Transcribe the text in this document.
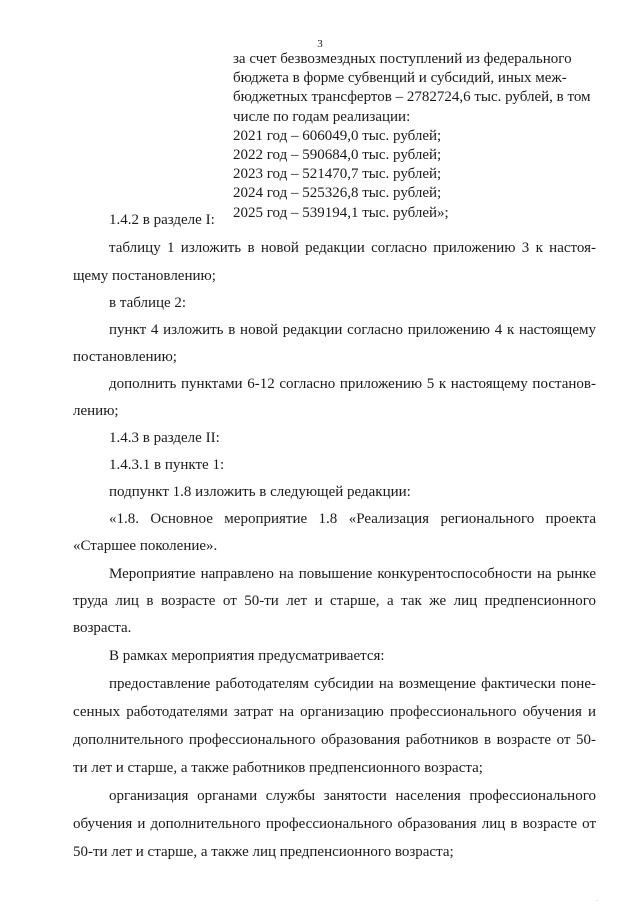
3
за счет безвозмездных поступлений из федерального
бюджета в форме субвенций и субсидий, иных меж-
бюджетных трансфертов – 2782724,6 тыс. рублей, в том
числе по годам реализации:
2021 год – 606049,0 тыс. рублей;
2022 год – 590684,0 тыс. рублей;
2023 год – 521470,7 тыс. рублей;
2024 год – 525326,8 тыс. рублей;
2025 год – 539194,1 тыс. рублей»;
1.4.2 в разделе I:
таблицу 1 изложить в новой редакции согласно приложению 3 к настоя-
щему постановлению;
в таблице 2:
пункт 4 изложить в новой редакции согласно приложению 4 к настоящему
постановлению;
дополнить пунктами 6-12 согласно приложению 5 к настоящему постанов-
лению;
1.4.3 в разделе II:
1.4.3.1 в пункте 1:
подпункт 1.8 изложить в следующей редакции:
«1.8. Основное мероприятие 1.8 «Реализация регионального проекта
«Старшее поколение».
Мероприятие направлено на повышение конкурентоспособности на рынке
труда лиц в возрасте от 50-ти лет и старше, а так же лиц предпенсионного
возраста.
В рамках мероприятия предусматривается:
предоставление работодателям субсидии на возмещение фактически поне-
сенных работодателями затрат на организацию профессионального обучения и
дополнительного профессионального образования работников в возрасте от 50-
ти лет и старше, а также работников предпенсионного возраста;
организация органами службы занятости населения профессионального
обучения и дополнительного профессионального образования лиц в возрасте от
50-ти лет и старше, а также лиц предпенсионного возраста;
.
